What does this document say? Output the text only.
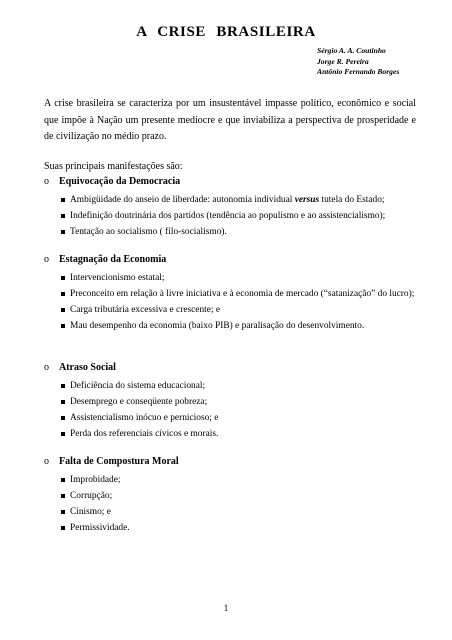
A CRISE BRASILEIRA
Sérgio A. A. Coutinho
Jorge R. Pereira
Antônio Fernando Borges
A crise brasileira se caracteriza por um insustentável impasse político, econômico e social que impõe à Nação um presente medíocre e que inviabiliza a perspectiva de prosperidade e de civilização no médio prazo.
Suas principais manifestações são:
o Equivocação da Democracia
Ambigüidade do anseio de liberdade: autonomia individual versus tutela do Estado;
Indefinição doutrinária dos partidos (tendência ao populismo e ao assistencialismo);
Tentação ao socialismo ( filo-socialismo).
o Estagnação da Economia
Intervencionismo estatal;
Preconceito em relação à livre iniciativa e à economia de mercado (“satanização” do lucro);
Carga tributária excessiva e crescente; e
Mau desempenho da economia (baixo PIB) e paralisação do desenvolvimento.
o Atraso Social
Deficiência do sistema educacional;
Desemprego e conseqüente pobreza;
Assistencialismo inócuo e pernicioso; e
Perda dos referenciais cívicos e morais.
o Falta de Compostura Moral
Improbidade;
Corrupção;
Cinismo; e
Permissividade.
1
